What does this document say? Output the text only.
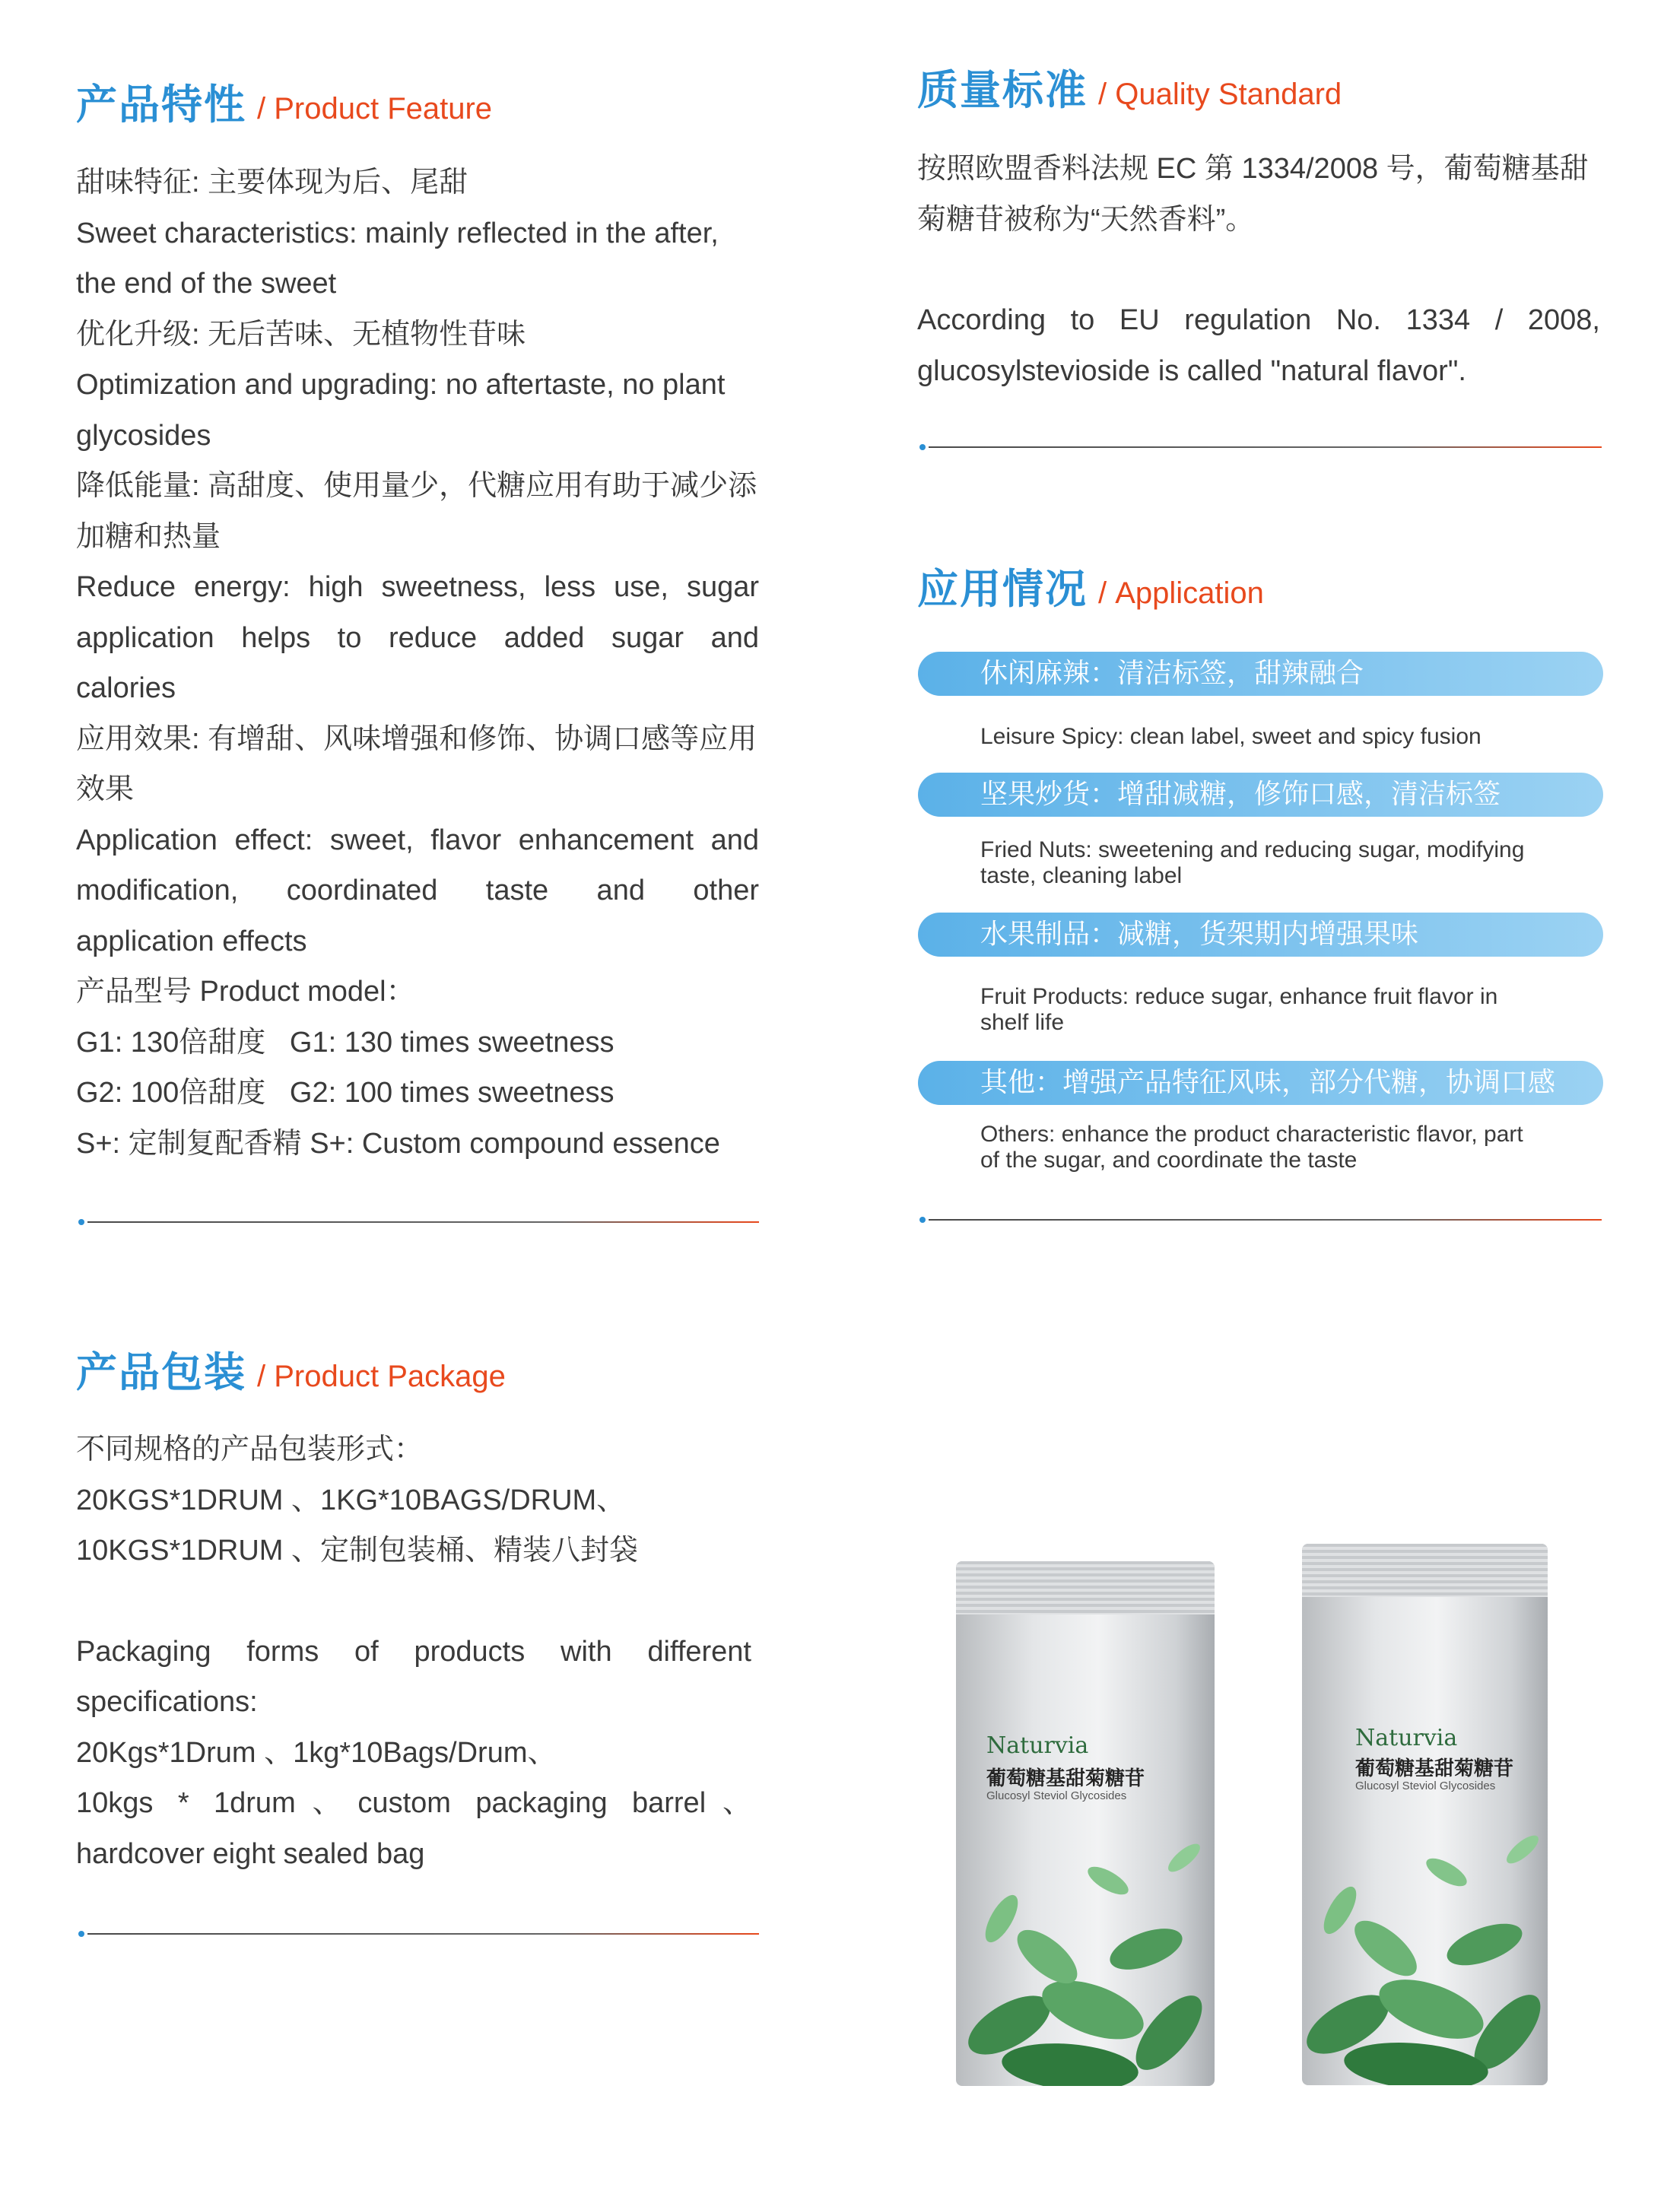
产品特性 / Product Feature
甜味特征: 主要体现为后、尾甜
Sweet characteristics: mainly reflected in the after,
the end of the sweet
优化升级: 无后苦味、无植物性苷味
Optimization and upgrading: no aftertaste, no plant
glycosides
降低能量: 高甜度、使用量少，代糖应用有助于减少添
加糖和热量
Reduce energy: high sweetness, less use, sugar
application helps to reduce added sugar and
calories
应用效果: 有增甜、风味增强和修饰、协调口感等应用
效果
Application effect: sweet, flavor enhancement and
modification, coordinated taste and other
application effects
产品型号 Product model：
G1: 130倍甜度   G1: 130 times sweetness
G2: 100倍甜度   G2: 100 times sweetness
S+: 定制复配香精 S+: Custom compound essence
质量标准 / Quality Standard
按照欧盟香料法规 EC 第 1334/2008 号，葡萄糖基甜
菊糖苷被称为“天然香料”。
According to EU regulation No. 1334 / 2008,
glucosylstevioside is called "natural flavor".
应用情况 / Application
休闲麻辣：清洁标签，甜辣融合
Leisure Spicy: clean label, sweet and spicy fusion
坚果炒货：增甜减糖，修饰口感，清洁标签
Fried Nuts: sweetening and reducing sugar, modifying
taste, cleaning label
水果制品：减糖，货架期内增强果味
Fruit Products: reduce sugar, enhance fruit flavor in
shelf life
其他：增强产品特征风味，部分代糖，协调口感
Others: enhance the product characteristic flavor, part
of the sugar, and coordinate the taste
产品包装 / Product Package
不同规格的产品包装形式：
20KGS*1DRUM 、1KG*10BAGS/DRUM、
10KGS*1DRUM 、定制包装桶、精装八封袋
Packaging forms of products with different
specifications:
20Kgs*1Drum 、1kg*10Bags/Drum、
10kgs * 1drum、custom packaging barrel、
hardcover eight sealed bag
Naturvia
葡萄糖基甜菊糖苷
Glucosyl Steviol Glycosides
Naturvia
葡萄糖基甜菊糖苷
Glucosyl Steviol Glycosides
